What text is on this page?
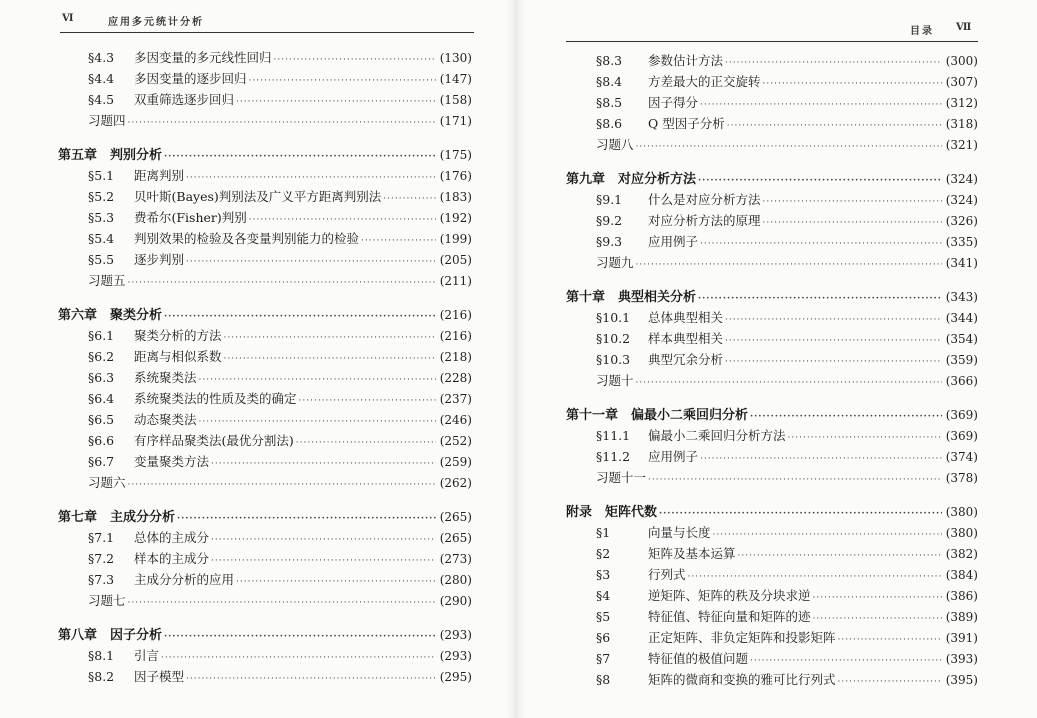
Ⅵ	应用多元统计分析
§4.3	多因变量的多元线性回归 ·····	(130)
§4.4	多因变量的逐步回归 ·····	(147)
§4.5	双重筛选逐步回归 ·····	(158)
习题四 ·····	(171)
第五章　判别分析 ·····	(175)
§5.1	距离判别 ·····	(176)
§5.2	贝叶斯(Bayes)判别法及广义平方距离判别法 ·····	(183)
§5.3	费希尔(Fisher)判别 ·····	(192)
§5.4	判别效果的检验及各变量判别能力的检验 ·····	(199)
§5.5	逐步判别 ·····	(205)
习题五 ·····	(211)
第六章　聚类分析 ·····	(216)
§6.1	聚类分析的方法 ·····	(216)
§6.2	距离与相似系数 ·····	(218)
§6.3	系统聚类法 ·····	(228)
§6.4	系统聚类法的性质及类的确定 ·····	(237)
§6.5	动态聚类法 ·····	(246)
§6.6	有序样品聚类法(最优分割法) ·····	(252)
§6.7	变量聚类方法 ·····	(259)
习题六 ·····	(262)
第七章　主成分分析 ·····	(265)
§7.1	总体的主成分 ·····	(265)
§7.2	样本的主成分 ·····	(273)
§7.3	主成分分析的应用 ·····	(280)
习题七 ·····	(290)
第八章　因子分析 ·····	(293)
§8.1	引言 ·····	(293)
§8.2	因子模型 ·····	(295)
目录 Ⅶ
§8.3	参数估计方法 ·····	(300)
§8.4	方差最大的正交旋转 ·····	(307)
§8.5	因子得分 ·····	(312)
§8.6	Q 型因子分析 ·····	(318)
习题八 ·····	(321)
第九章　对应分析方法 ·····	(324)
§9.1	什么是对应分析方法 ·····	(324)
§9.2	对应分析方法的原理 ·····	(326)
§9.3	应用例子 ·····	(335)
习题九 ·····	(341)
第十章　典型相关分析 ·····	(343)
§10.1	总体典型相关 ·····	(344)
§10.2	样本典型相关 ·····	(354)
§10.3	典型冗余分析 ·····	(359)
习题十 ·····	(366)
第十一章　偏最小二乘回归分析 ·····	(369)
§11.1	偏最小二乘回归分析方法 ·····	(369)
§11.2	应用例子 ·····	(374)
习题十一 ·····	(378)
附录　矩阵代数 ·····	(380)
§1	向量与长度 ·····	(380)
§2	矩阵及基本运算 ·····	(382)
§3	行列式 ·····	(384)
§4	逆矩阵、矩阵的秩及分块求逆 ·····	(386)
§5	特征值、特征向量和矩阵的迹 ·····	(389)
§6	正定矩阵、非负定矩阵和投影矩阵 ·····	(391)
§7	特征值的极值问题 ·····	(393)
§8	矩阵的微商和变换的雅可比行列式 ·····	(395)
